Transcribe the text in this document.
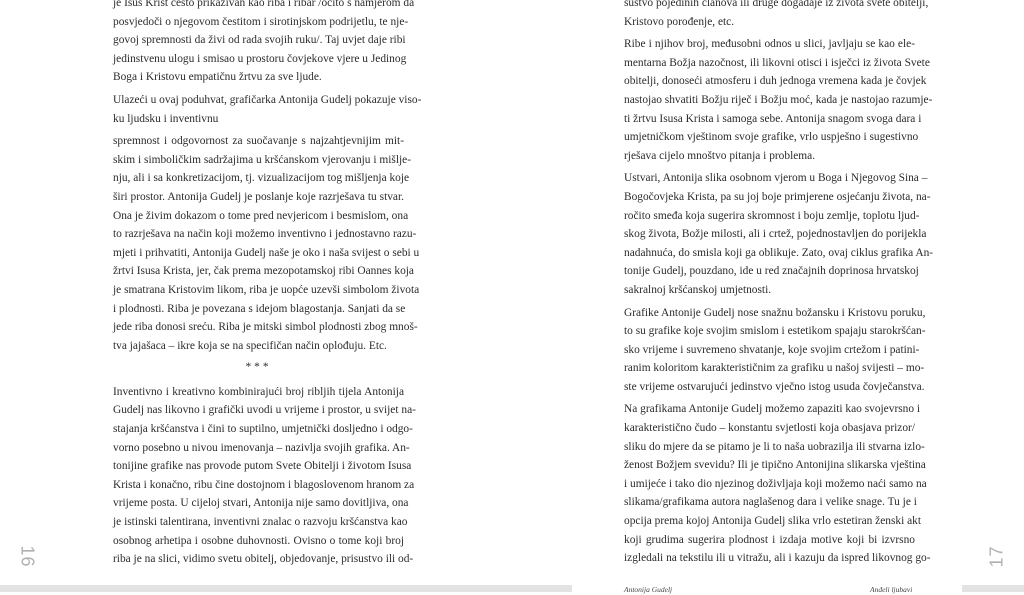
je Isus Krist često prikazivan kao riba i ribar /očito s namjerom da
posvjedoči o njegovom čestitom i sirotinjskom podrijetlu, te nje-
govoj spremnosti da živi od rada svojih ruku/. Taj uvjet daje ribi
jedinstvenu ulogu i smisao u prostoru čovjekove vjere u Jedinog
Boga i Kristovu empatičnu žrtvu za sve ljude.
Ulazeći u ovaj poduhvat, grafičarka Antonija Gudelj pokazuje viso-
ku ljudsku i inventivnu
spremnost i odgovornost za suočavanje s najzahtjevnijim mit-
skim i simboličkim sadržajima u kršćanskom vjerovanju i mišlje-
nju, ali i sa konkretizacijom, tj. vizualizacijom tog mišljenja koje
širi prostor. Antonija Gudelj je poslanje koje razrješava tu stvar.
Ona je živim dokazom o tome pred nevjericom i besmislom, ona
to razrješava na način koji možemo inventivno i jednostavno razu-
mjeti i prihvatiti, Antonija Gudelj naše je oko i naša svijest o sebi u
žrtvi Isusa Krista, jer, čak prema mezopotamskoj ribi Oannes koja
je smatrana Kristovim likom, riba je uopće uzevši simbolom života
i plodnosti. Riba je povezana s idejom blagostanja. Sanjati da se
jede riba donosi sreću. Riba je mitski simbol plodnosti zbog mnoš-
tva jajašaca – ikre koja se na specifičan način oplođuju. Etc.
***
Inventivno i kreativno kombinirajući broj ribljih tijela Antonija
Gudelj nas likovno i grafički uvodi u vrijeme i prostor, u svijet na-
stajanja kršćanstva i čini to suptilno, umjetnički dosljedno i odgo-
vorno posebno u nivou imenovanja – nazivlja svojih grafika. An-
tonijine grafike nas provode putom Svete Obitelji i životom Isusa
Krista i konačno, ribu čine dostojnom i blagoslovenom hranom za
vrijeme posta. U cijeloj stvari, Antonija nije samo dovitljiva, ona
je istinski talentirana, inventivni znalac o razvoju kršćanstva kao
osobnog arhetipa i osobne duhovnosti. Ovisno o tome koji broj
riba je na slici, vidimo svetu obitelj, objedovanje, prisustvo ili od-
16
sustvo pojedinih članova ili druge događaje iz života svete obitelji,
Kristovo porođenje, etc.
Ribe i njihov broj, međusobni odnos u slici, javljaju se kao ele-
mentarna Božja nazočnost, ili likovni otisci i isječci iz života Svete
obitelji, donoseći atmosferu i duh jednoga vremena kada je čovjek
nastojao shvatiti Božju riječ i Božju moć, kada je nastojao razumje-
ti žrtvu Isusa Krista i samoga sebe. Antonija snagom svoga dara i
umjetničkom vještinom svoje grafike, vrlo uspješno i sugestivno
rješava cijelo mnoštvo pitanja i problema.
Ustvari, Antonija slika osobnom vjerom u Boga i Njegovog Sina –
Bogočovjeka Krista, pa su joj boje primjerene osjećanju života, na-
ročito smeđa koja sugerira skromnost i boju zemlje, toplotu ljud-
skog života, Božje milosti, ali i crtež, pojednostavljen do porijekla
nadahnuća, do smisla koji ga oblikuje. Zato, ovaj ciklus grafika An-
tonije Gudelj, pouzdano, ide u red značajnih doprinosa hrvatskoj
sakralnoj kršćanskoj umjetnosti.
Grafike Antonije Gudelj nose snažnu božansku i Kristovu poruku,
to su grafike koje svojim smislom i estetikom spajaju starokršćan-
sko vrijeme i suvremeno shvatanje, koje svojim crtežom i patini-
ranim koloritom karakterističnim za grafiku u našoj svijesti – mo-
ste vrijeme ostvarujući jedinstvo vječno istog usuda čovječanstva.
Na grafikama Antonije Gudelj možemo zapaziti kao svojevrsno i
karakteristično čudo – konstantu svjetlosti koja obasjava prizor/
sliku do mjere da se pitamo je li to naša uobrazilja ili stvarna izlo-
ženost Božjem svevidu? Ili je tipično Antonijina slikarska vještina
i umijeće i tako dio njezinog doživljaja koji možemo naći samo na
slikama/grafikama autora naglašenog dara i velike snage. Tu je i
opcija prema kojoj Antonija Gudelj slika vrlo estetiran ženski akt
koji grudima sugerira plodnost i izdaja motive koji bi izvrsno
izgledali na tekstilu ili u vitražu, ali i kazuju da ispred likovnog go-	17
Antonija Gudelj	Anđeli ljubavi
